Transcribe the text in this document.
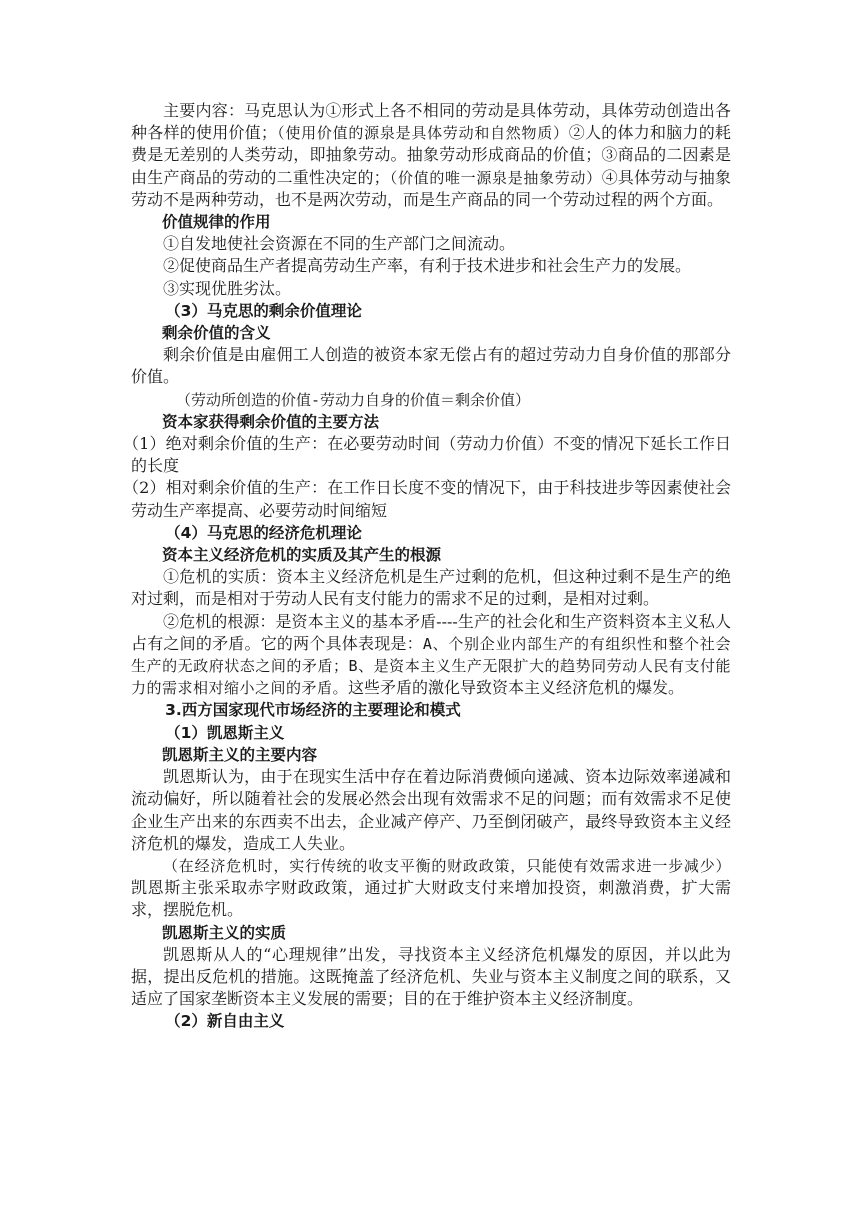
主要内容：马克思认为①形式上各不相同的劳动是具体劳动，具体劳动创造出各种各样的使用价值；（使用价值的源泉是具体劳动和自然物质）②人的体力和脑力的耗费是无差别的人类劳动，即抽象劳动。抽象劳动形成商品的价值；③商品的二因素是由生产商品的劳动的二重性决定的；（价值的唯一源泉是抽象劳动）④具体劳动与抽象劳动不是两种劳动，也不是两次劳动，而是生产商品的同一个劳动过程的两个方面。

价值规律的作用

①自发地使社会资源在不同的生产部门之间流动。

②促使商品生产者提高劳动生产率，有利于技术进步和社会生产力的发展。

③实现优胜劣汰。

（3）马克思的剩余价值理论

剩余价值的含义

剩余价值是由雇佣工人创造的被资本家无偿占有的超过劳动力自身价值的那部分价值。

（劳动所创造的价值-劳动力自身的价值＝剩余价值）

资本家获得剩余价值的主要方法

（1）绝对剩余价值的生产：在必要劳动时间（劳动力价值）不变的情况下延长工作日的长度

（2）相对剩余价值的生产：在工作日长度不变的情况下，由于科技进步等因素使社会劳动生产率提高、必要劳动时间缩短

（4）马克思的经济危机理论

资本主义经济危机的实质及其产生的根源

①危机的实质：资本主义经济危机是生产过剩的危机，但这种过剩不是生产的绝对过剩，而是相对于劳动人民有支付能力的需求不足的过剩，是相对过剩。

②危机的根源：是资本主义的基本矛盾----生产的社会化和生产资料资本主义私人占有之间的矛盾。它的两个具体表现是：A、个别企业内部生产的有组织性和整个社会生产的无政府状态之间的矛盾；B、是资本主义生产无限扩大的趋势同劳动人民有支付能力的需求相对缩小之间的矛盾。这些矛盾的激化导致资本主义经济危机的爆发。

3.西方国家现代市场经济的主要理论和模式

（1）凯恩斯主义

凯恩斯主义的主要内容

凯恩斯认为，由于在现实生活中存在着边际消费倾向递减、资本边际效率递减和流动偏好，所以随着社会的发展必然会出现有效需求不足的问题；而有效需求不足使企业生产出来的东西卖不出去，企业减产停产、乃至倒闭破产，最终导致资本主义经济危机的爆发，造成工人失业。

（在经济危机时，实行传统的收支平衡的财政政策，只能使有效需求进一步减少）凯恩斯主张采取赤字财政政策，通过扩大财政支付来增加投资，刺激消费，扩大需求，摆脱危机。

凯恩斯主义的实质

凯恩斯从人的“心理规律”出发，寻找资本主义经济危机爆发的原因，并以此为据，提出反危机的措施。这既掩盖了经济危机、失业与资本主义制度之间的联系，又适应了国家垄断资本主义发展的需要；目的在于维护资本主义经济制度。

（2）新自由主义
